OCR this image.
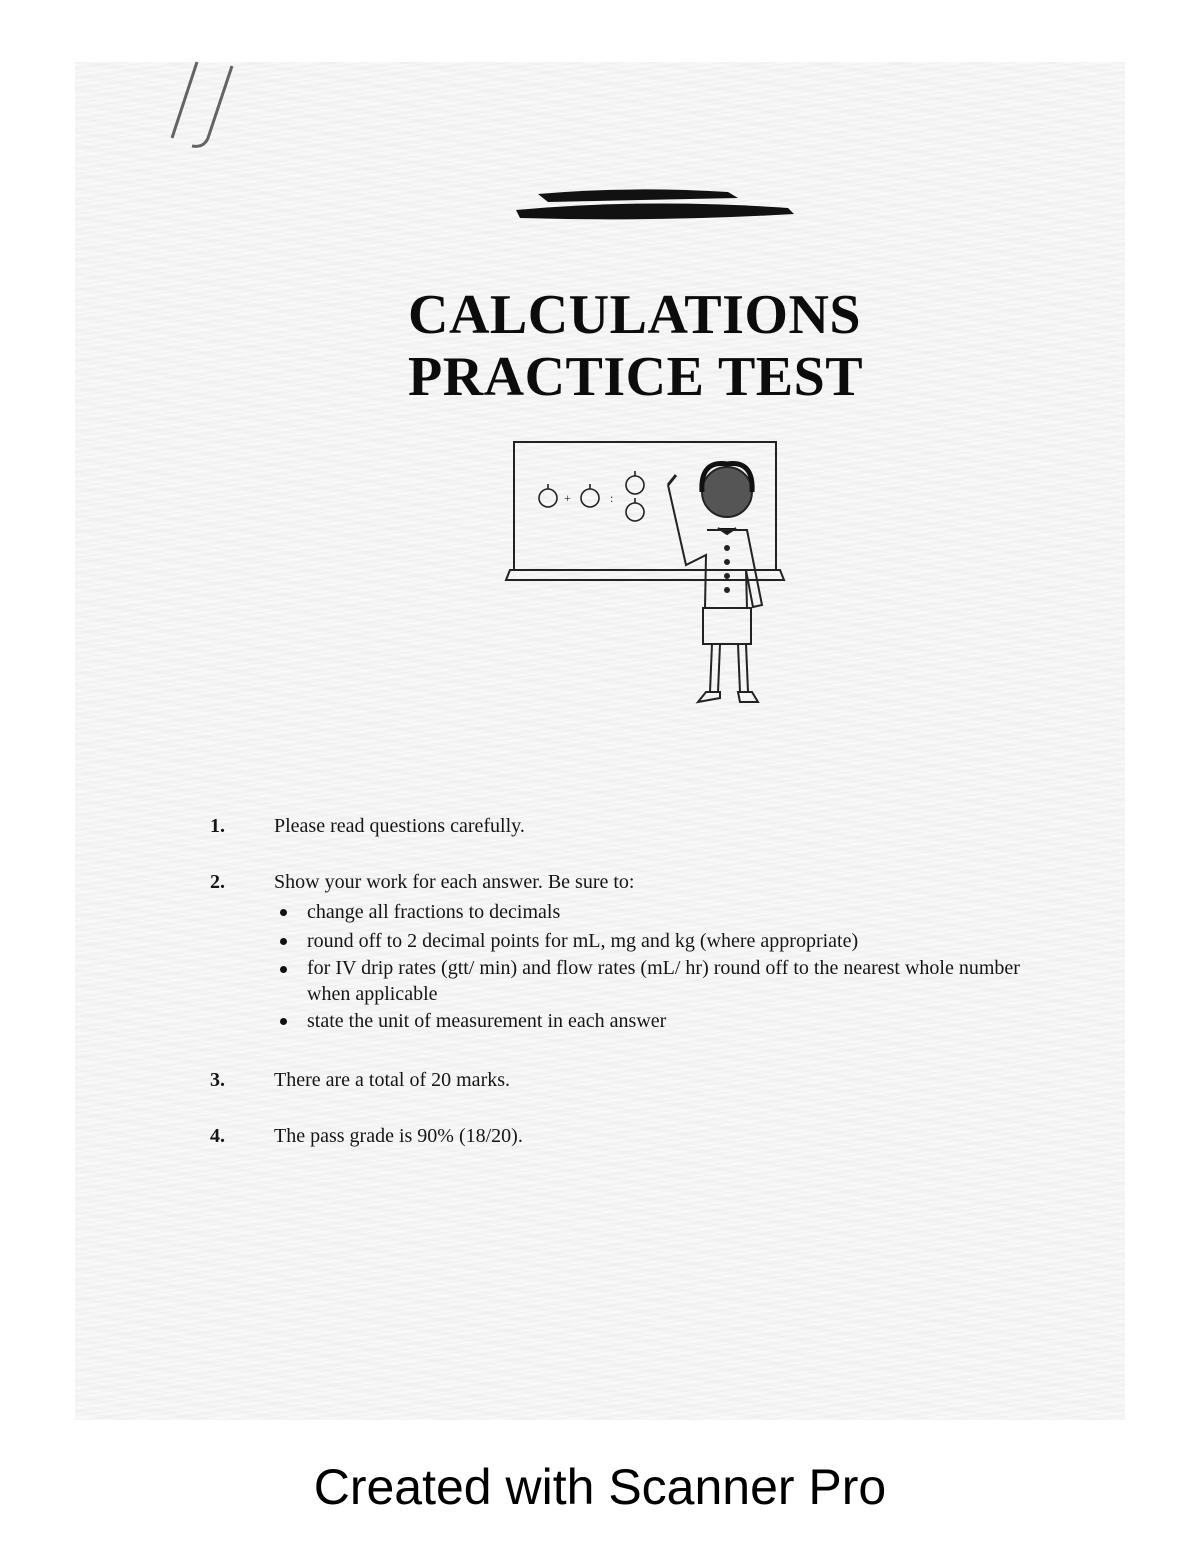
CALCULATIONS
PRACTICE TEST
+	:
1. Please read questions carefully.
2. Show your work for each answer. Be sure to:
change all fractions to decimals
round off to 2 decimal points for mL, mg and kg (where appropriate)
for IV drip rates (gtt/ min) and flow rates (mL/ hr) round off to the nearest whole number when applicable
state the unit of measurement in each answer
3. There are a total of 20 marks.
4. The pass grade is 90% (18/20).
Created with Scanner Pro
